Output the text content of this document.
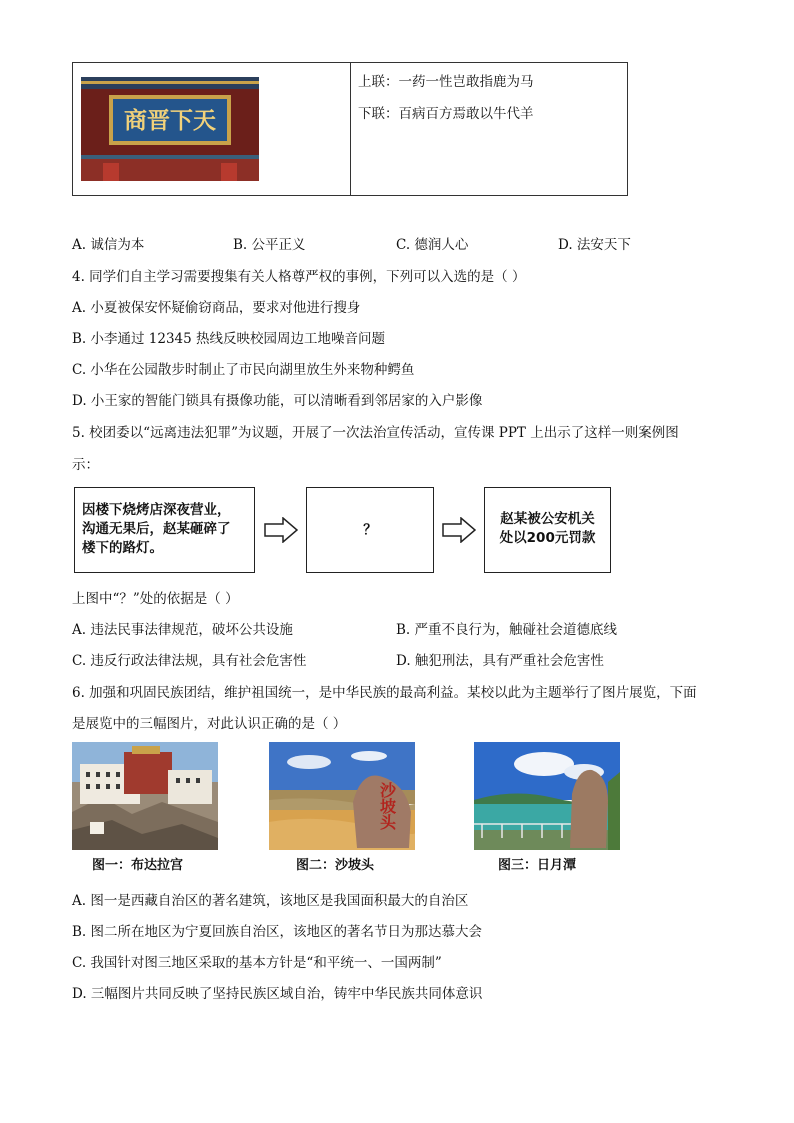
商晋下天
上联：一药一性岂敢指鹿为马
下联：百病百方焉敢以牛代羊
A. 诚信为本	B. 公平正义	C. 德润人心	D. 法安天下
4. 同学们自主学习需要搜集有关人格尊严权的事例，下列可以入选的是（ ）
A. 小夏被保安怀疑偷窃商品，要求对他进行搜身
B. 小李通过 12345 热线反映校园周边工地噪音问题
C. 小华在公园散步时制止了市民向湖里放生外来物种鳄鱼
D. 小王家的智能门锁具有摄像功能，可以清晰看到邻居家的入户影像
5. 校团委以“远离违法犯罪”为议题，开展了一次法治宣传活动，宣传课 PPT 上出示了这样一则案例图
示：
因楼下烧烤店深夜营业，
沟通无果后，赵某砸碎了
楼下的路灯。
？
赵某被公安机关
处以200元罚款
上图中“？”处的依据是（ ）
A. 违法民事法律规范，破坏公共设施	B. 严重不良行为，触碰社会道德底线
C. 违反行政法律法规，具有社会危害性	D. 触犯刑法，具有严重社会危害性
6. 加强和巩固民族团结，维护祖国统一，是中华民族的最高利益。某校以此为主题举行了图片展览，下面
是展览中的三幅图片，对此认识正确的是（ ）
图一：布达拉宫
沙坡头
图二：沙坡头	图三：日月潭
A. 图一是西藏自治区的著名建筑，该地区是我国面积最大的自治区
B. 图二所在地区为宁夏回族自治区，该地区的著名节日为那达慕大会
C. 我国针对图三地区采取的基本方针是“和平统一、一国两制”
D. 三幅图片共同反映了坚持民族区域自治，铸牢中华民族共同体意识
